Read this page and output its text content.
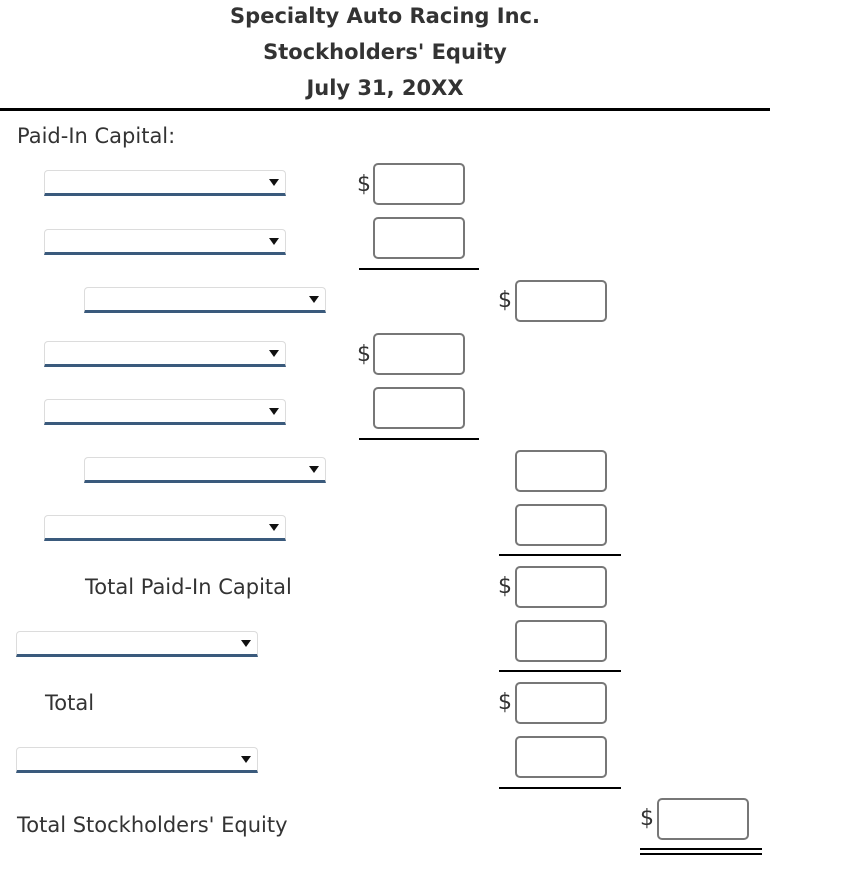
Specialty Auto Racing Inc.
Stockholders' Equity
July 31, 20XX
Paid-In Capital:
Total Paid-In Capital
Total
Total Stockholders' Equity
$
$
$
$
$
$
